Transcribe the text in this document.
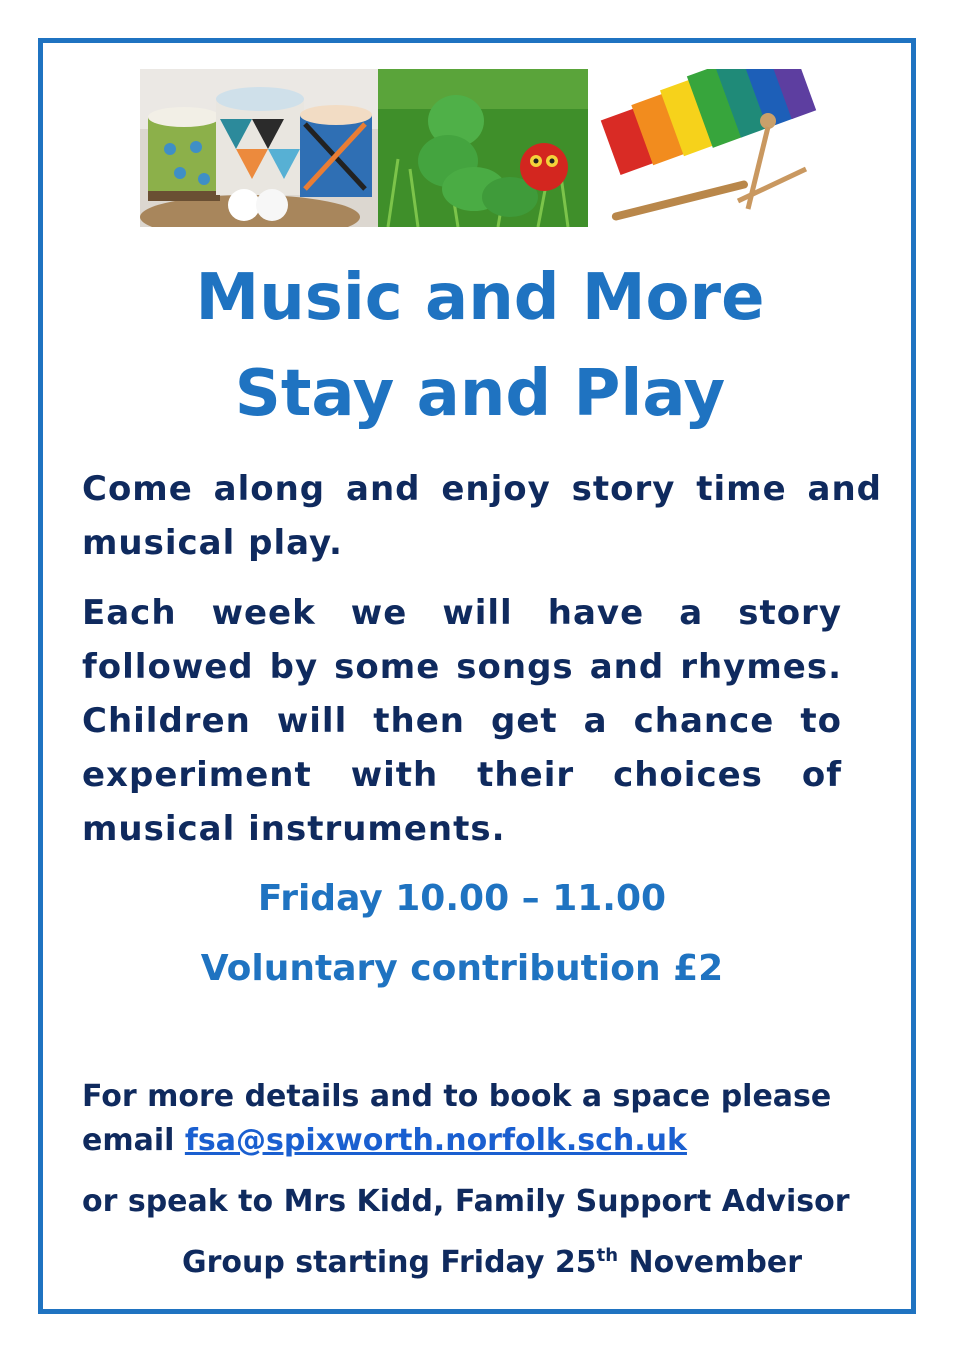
Music and More
Stay and Play

Come along and enjoy story time and musical play.

Each week we will have a story followed by some songs and rhymes. Children will then get a chance to experiment with their choices of musical instruments.

Friday 10.00 – 11.00
Voluntary contribution £2

For more details and to book a space please
email fsa@spixworth.norfolk.sch.uk

or speak to Mrs Kidd, Family Support Advisor

Group starting Friday 25th November
